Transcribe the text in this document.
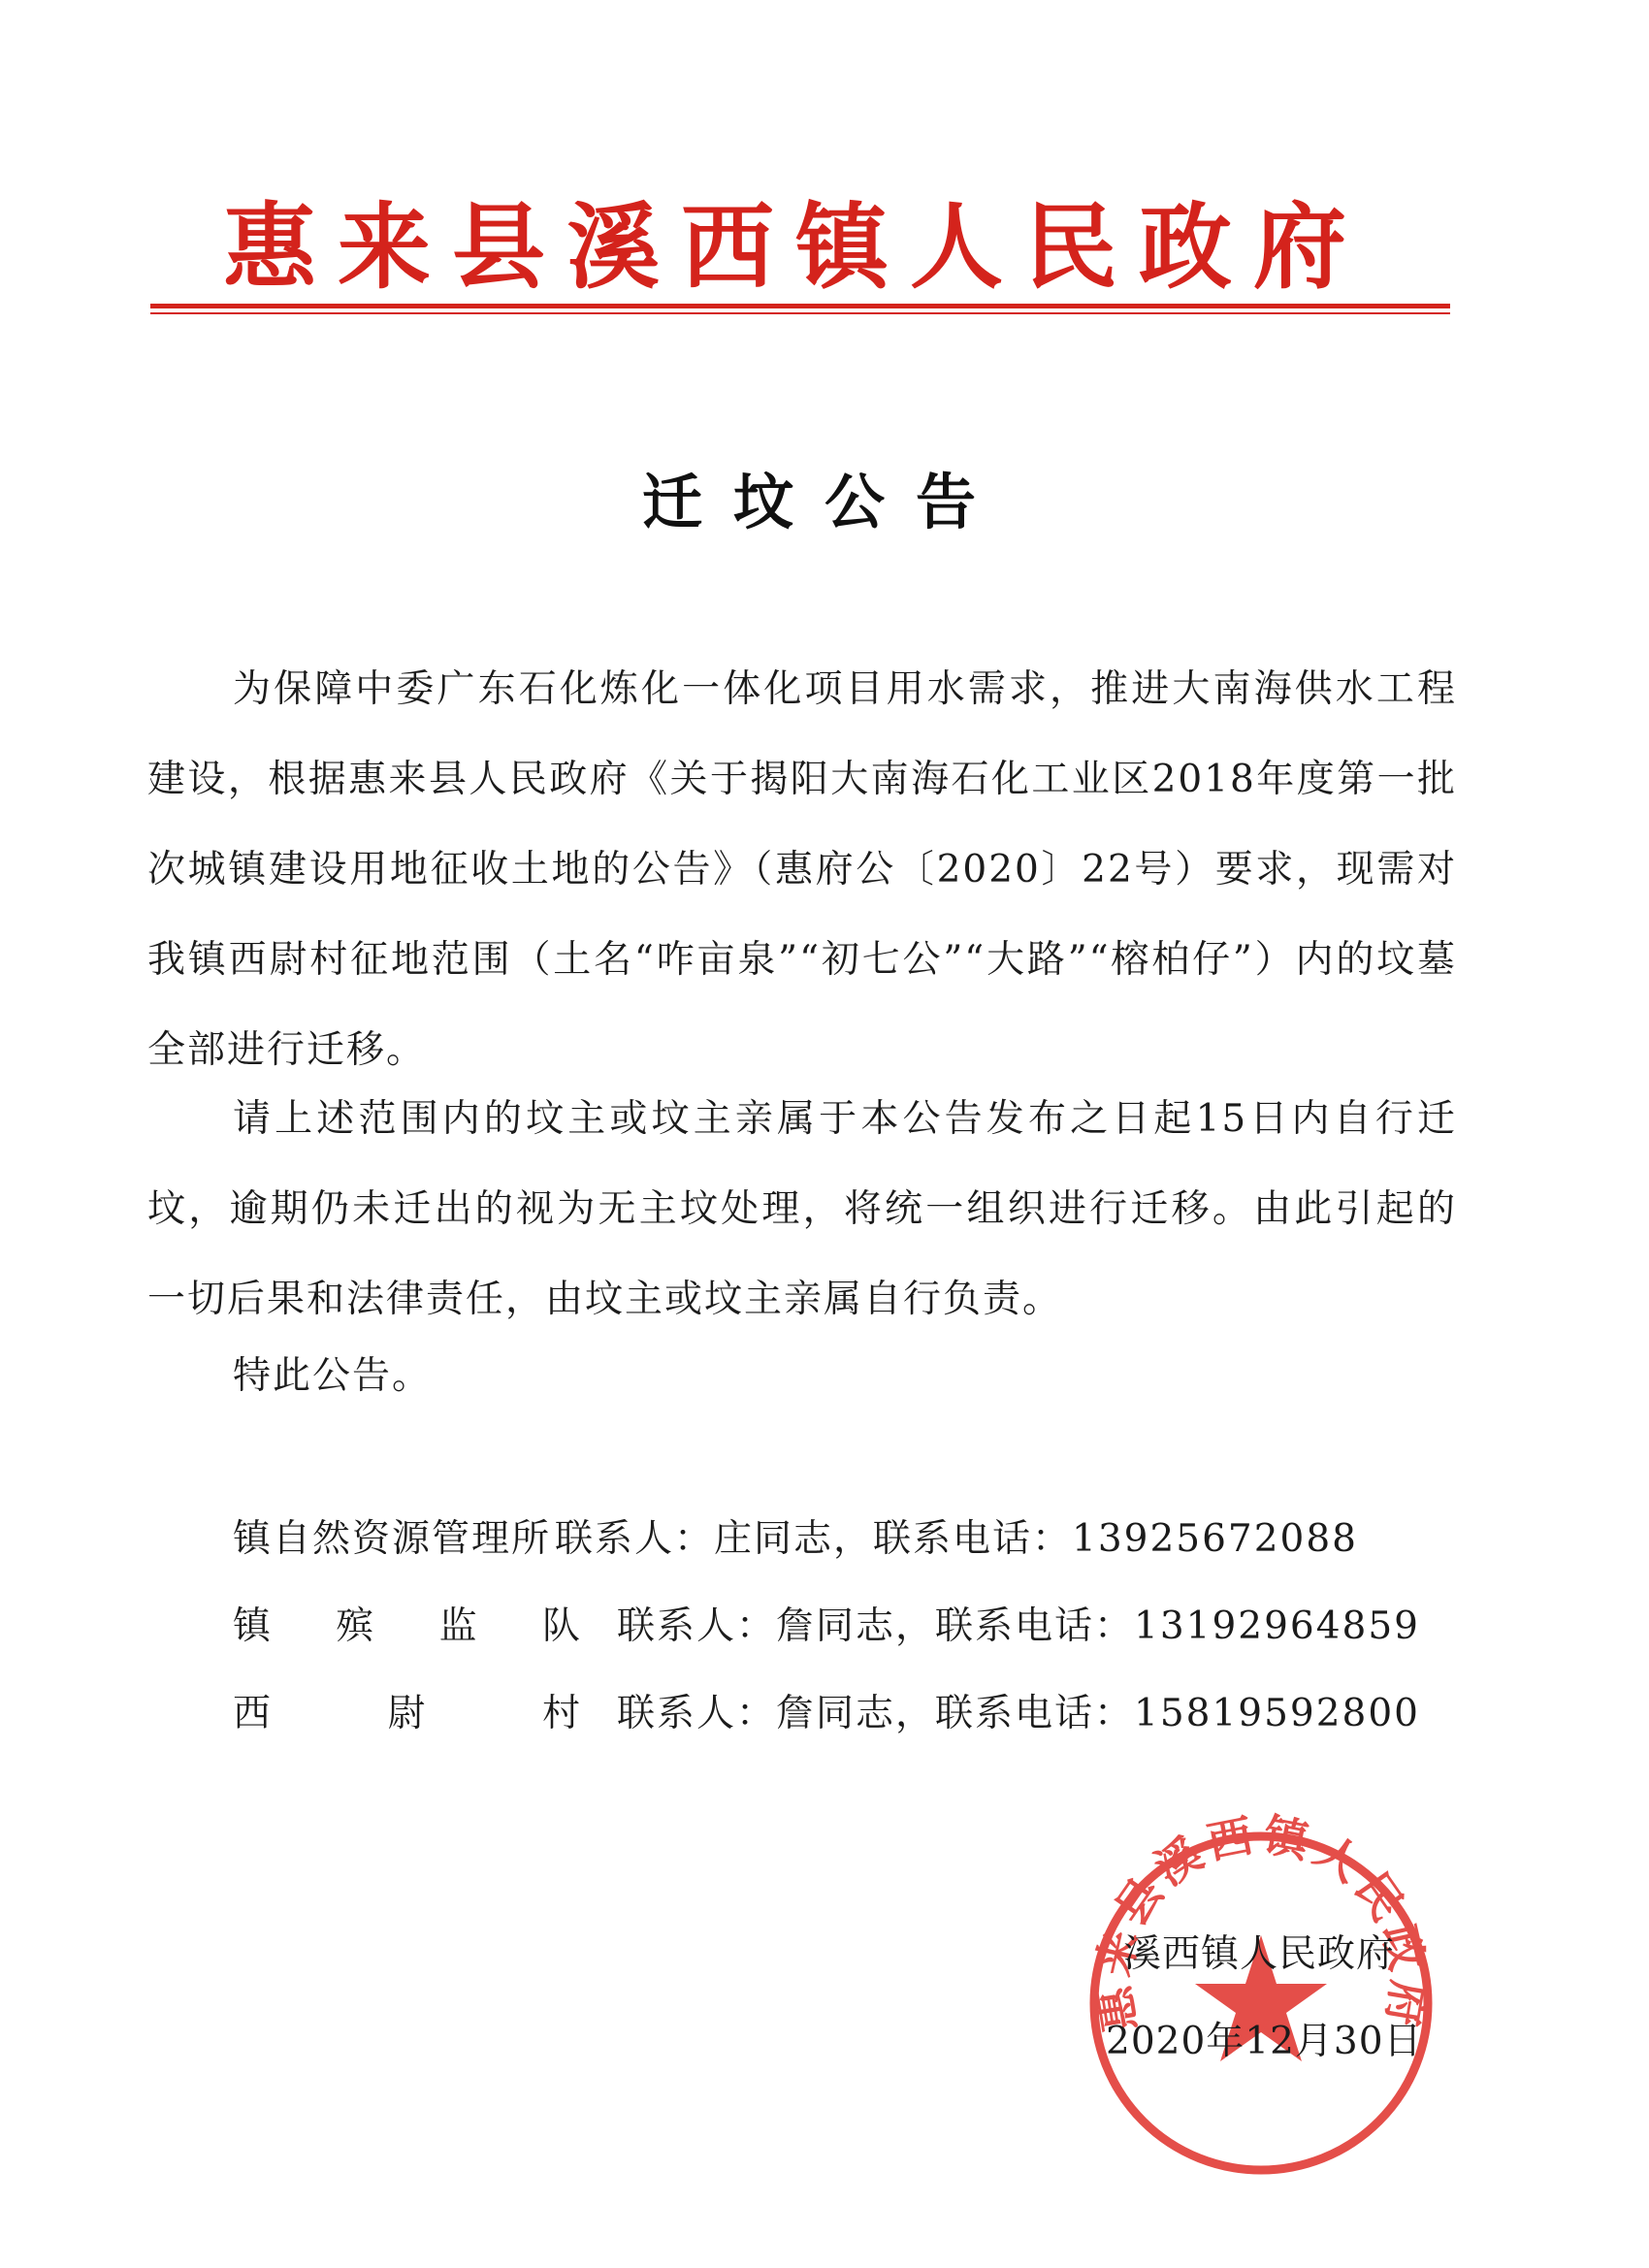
惠来县溪西镇人民政府
迁坟公告

为保障中委广东石化炼化一体化项目用水需求，推进大南海供水工程建设，根据惠来县人民政府《关于揭阳大南海石化工业区2018年度第一批次城镇建设用地征收土地的公告》（惠府公〔2020〕22号）要求，现需对我镇西尉村征地范围（土名“咋亩泉”“初七公”“大路”“榕柏仔”）内的坟墓全部进行迁移。

请上述范围内的坟主或坟主亲属于本公告发布之日起15日内自行迁坟，逾期仍未迁出的视为无主坟处理，将统一组织进行迁移。由此引起的一切后果和法律责任，由坟主或坟主亲属自行负责。

特此公告。

镇自然资源管理所 联系人：庄同志，联系电话：13925672088
镇 殡 监 队 联系人：詹同志，联系电话：13192964859
西	尉	村 联系人：詹同志，联系电话：15819592800
惠来县溪西镇人民政府
溪西镇人民政府
2020年12月30日
